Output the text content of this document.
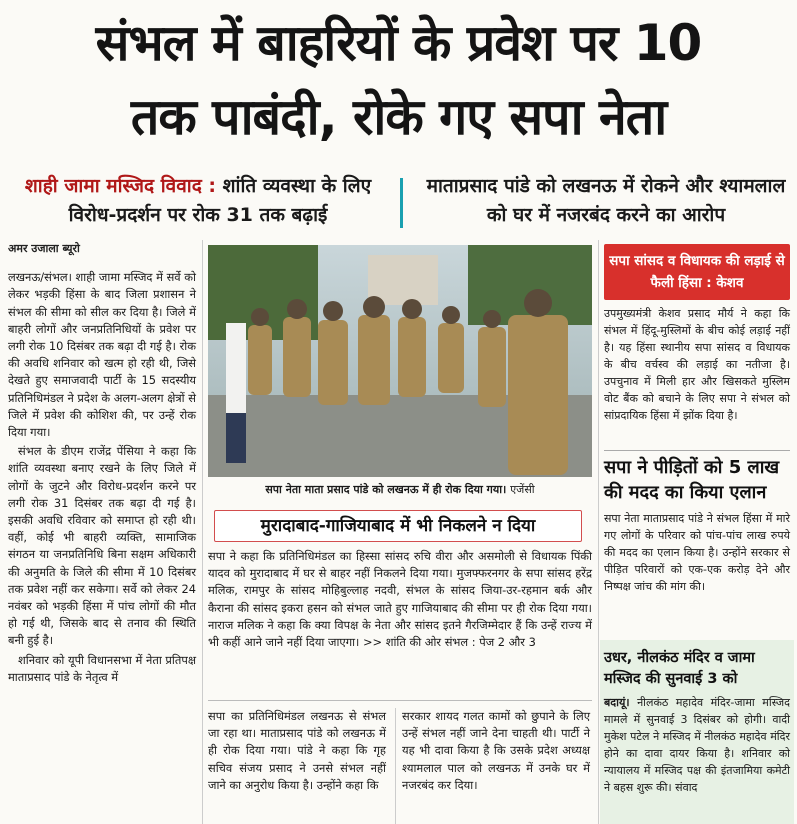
संभल में बाहरियों के प्रवेश पर 10
तक पाबंदी, रोके गए सपा नेता
शाही जामा मस्जिद विवाद : शांति व्यवस्था के लिए विरोध-प्रदर्शन पर रोक 31 तक बढ़ाई
माताप्रसाद पांडे को लखनऊ में रोकने और श्यामलाल को घर में नजरबंद करने का आरोप
अमर उजाला ब्यूरो

लखनऊ/संभल। शाही जामा मस्जिद में सर्वे को लेकर भड़की हिंसा के बाद जिला प्रशासन ने संभल की सीमा को सील कर दिया है। जिले में बाहरी लोगों और जनप्रतिनिधियों के प्रवेश पर लगी रोक 10 दिसंबर तक बढ़ा दी गई है। रोक की अवधि शनिवार को खत्म हो रही थी, जिसे देखते हुए समाजवादी पार्टी के 15 सदस्यीय प्रतिनिधिमंडल ने प्रदेश के अलग-अलग क्षेत्रों से जिले में प्रवेश की कोशिश की, पर उन्हें रोक दिया गया।

संभल के डीएम राजेंद्र पेंसिया ने कहा कि शांति व्यवस्था बनाए रखने के लिए जिले में लोगों के जुटने और विरोध-प्रदर्शन करने पर लगी रोक 31 दिसंबर तक बढ़ा दी गई है। इसकी अवधि रविवार को समाप्त हो रही थी। वहीं, कोई भी बाहरी व्यक्ति, सामाजिक संगठन या जनप्रतिनिधि बिना सक्षम अधिकारी की अनुमति के जिले की सीमा में 10 दिसंबर तक प्रवेश नहीं कर सकेगा। सर्वे को लेकर 24 नवंबर को भड़की हिंसा में पांच लोगों की मौत हो गई थी, जिसके बाद से तनाव की स्थिति बनी हुई है।

शनिवार को यूपी विधानसभा में नेता प्रतिपक्ष माताप्रसाद पांडे के नेतृत्व में

सपा नेता माता प्रसाद पांडे को लखनऊ में ही रोक दिया गया। एजेंसी
मुरादाबाद-गाजियाबाद में भी निकलने न दिया

सपा ने कहा कि प्रतिनिधिमंडल का हिस्सा सांसद रुचि वीरा और असमोली से विधायक पिंकी यादव को मुरादाबाद में घर से बाहर नहीं निकलने दिया गया। मुजफ्फरनगर के सपा सांसद हरेंद्र मलिक, रामपुर के सांसद मोहिबुल्लाह नदवी, संभल के सांसद जिया-उर-रहमान बर्क और कैराना की सांसद इकरा हसन को संभल जाते हुए गाजियाबाद की सीमा पर ही रोक दिया गया। नाराज मलिक ने कहा कि क्या विपक्ष के नेता और सांसद इतने गैरजिम्मेदार हैं कि उन्हें राज्य में भी कहीं आने जाने नहीं दिया जाएगा। >> शांति की ओर संभल : पेज 2 और 3

सपा का प्रतिनिधिमंडल लखनऊ से संभल जा रहा था। माताप्रसाद पांडे को लखनऊ में ही रोक दिया गया। पांडे ने कहा कि गृह सचिव संजय प्रसाद ने उनसे संभल नहीं जाने का अनुरोध किया है। उन्होंने कहा कि

सरकार शायद गलत कामों को छुपाने के लिए उन्हें संभल नहीं जाने देना चाहती थी। पार्टी ने यह भी दावा किया है कि उसके प्रदेश अध्यक्ष श्यामलाल पाल को लखनऊ में उनके घर में नजरबंद कर दिया।

सपा सांसद व विधायक की लड़ाई से फैली हिंसा : केशव

उपमुख्यमंत्री केशव प्रसाद मौर्य ने कहा कि संभल में हिंदू-मुस्लिमों के बीच कोई लड़ाई नहीं है। यह हिंसा स्थानीय सपा सांसद व विधायक के बीच वर्चस्व की लड़ाई का नतीजा है। उपचुनाव में मिली हार और खिसकते मुस्लिम वोट बैंक को बचाने के लिए सपा ने संभल को सांप्रदायिक हिंसा में झोंक दिया है।

सपा ने पीड़ितों को 5 लाख की मदद का किया एलान

सपा नेता माताप्रसाद पांडे ने संभल हिंसा में मारे गए लोगों के परिवार को पांच-पांच लाख रुपये की मदद का एलान किया है। उन्होंने सरकार से पीड़ित परिवारों को एक-एक करोड़ देने और निष्पक्ष जांच की मांग की।

उधर, नीलकंठ मंदिर व जामा मस्जिद की सुनवाई 3 को

बदायूं। नीलकंठ महादेव मंदिर-जामा मस्जिद मामले में सुनवाई 3 दिसंबर को होगी। वादी मुकेश पटेल ने मस्जिद में नीलकंठ महादेव मंदिर होने का दावा दायर किया है। शनिवार को न्यायालय में मस्जिद पक्ष की इंतजामिया कमेटी ने बहस शुरू की। संवाद
